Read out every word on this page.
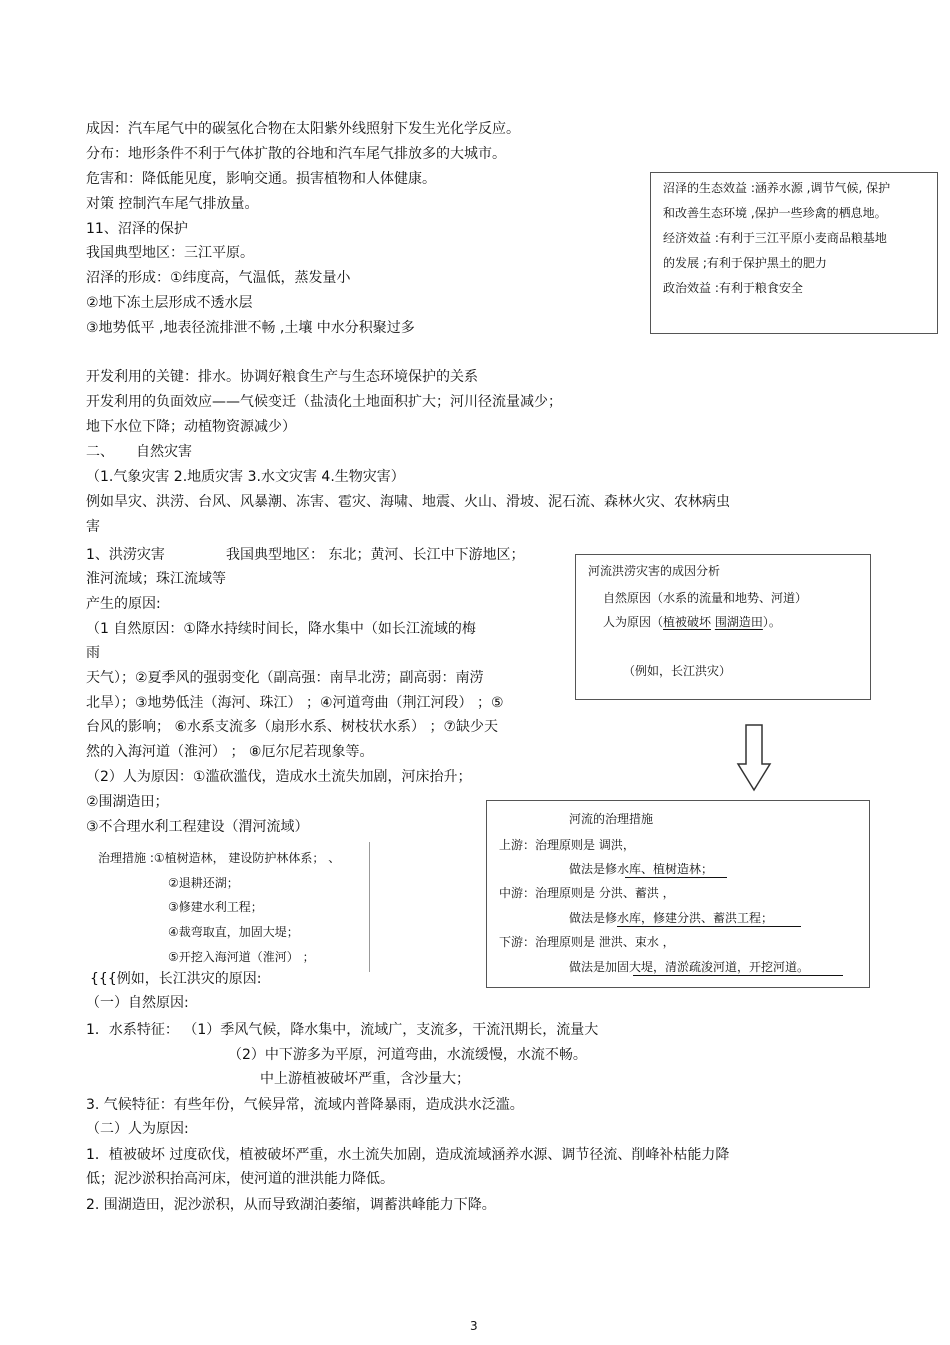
成因：汽车尾气中的碳氢化合物在太阳紫外线照射下发生光化学反应。
分布：地形条件不利于气体扩散的谷地和汽车尾气排放多的大城市。
危害和：降低能见度，影响交通。损害植物和人体健康。
对策 控制汽车尾气排放量。
11、沼泽的保护
我国典型地区：三江平原。
沼泽的形成：①纬度高，气温低，蒸发量小
②地下冻土层形成不透水层
③地势低平 ,地表径流排泄不畅 ,土壤 中水分积聚过多
沼泽的生态效益 :涵养水源 ,调节气候, 保护
和改善生态环境 ,保护一些珍禽的栖息地。
经济效益 :有利于三江平原小麦商品粮基地
的发展 ;有利于保护黑土的肥力
政治效益 :有利于粮食安全
开发利用的关键：排水。协调好粮食生产与生态环境保护的关系
开发利用的负面效应——气候变迁（盐渍化土地面积扩大；河川径流量减少；
地下水位下降；动植物资源减少）
二、 自然灾害
（1.气象灾害 2.地质灾害 3.水文灾害 4.生物灾害）
例如旱灾、洪涝、台风、风暴潮、冻害、雹灾、海啸、地震、火山、滑坡、泥石流、森林火灾、农林病虫
害
1、洪涝灾害	我国典型地区： 东北；黄河、长江中下游地区；
淮河流域；珠江流域等
产生的原因:
（1 自然原因：①降水持续时间长，降水集中（如长江流域的梅
雨
天气）；②夏季风的强弱变化（副高强：南旱北涝；副高弱：南涝
北旱）；③地势低洼（海河、珠江） ；④河道弯曲（荆江河段） ；⑤
台风的影响； ⑥水系支流多（扇形水系、树枝状水系） ；⑦缺少天
然的入海河道（淮河） ； ⑧厄尔尼若现象等。
（2）人为原因：①滥砍滥伐，造成水土流失加剧，河床抬升；
②围湖造田；
③不合理水利工程建设（渭河流域）
河流洪涝灾害的成因分析
自然原因（水系的流量和地势、河道）
人为原因（植被破坏 围湖造田）。
（例如，长江洪灾）
河流的治理措施
上游：治理原则是 调洪，
做法是修水库、植树造林；
中游：治理原则是 分洪、蓄洪 ，
做法是修水库，修建分洪、蓄洪工程；
下游：治理原则是 泄洪、束水 ，
做法是加固大堤，清淤疏浚河道，开挖河道。
治理措施 :①植树造林， 建设防护林体系； 、
②退耕还湖；
③修建水利工程；
④裁弯取直，加固大堤；
⑤开挖入海河道（淮河） ；
{{{例如，长江洪灾的原因:
（一）自然原因:
1．水系特征： （1）季风气候，降水集中，流域广，支流多，干流汛期长，流量大
（2）中下游多为平原，河道弯曲，水流缓慢，水流不畅。
中上游植被破坏严重，含沙量大；
3. 气候特征：有些年份，气候异常，流域内普降暴雨，造成洪水泛滥。
（二）人为原因:
1．植被破坏 过度砍伐，植被破坏严重，水土流失加剧，造成流域涵养水源、调节径流、削峰补枯能力降
低；泥沙淤积抬高河床，使河道的泄洪能力降低。
2. 围湖造田，泥沙淤积，从而导致湖泊萎缩，调蓄洪峰能力下降。
3
